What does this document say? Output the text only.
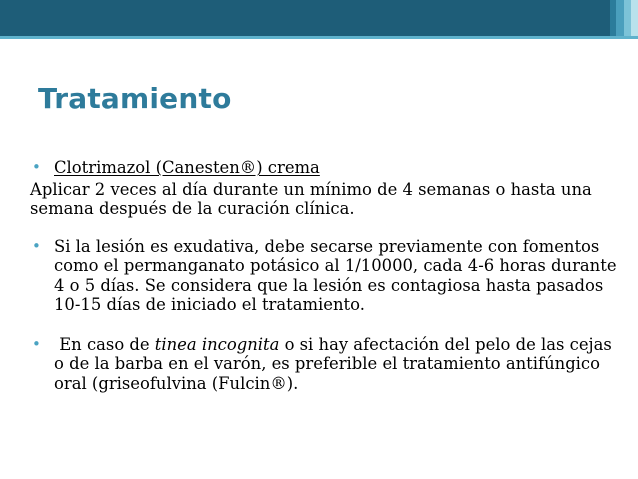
Tratamiento
• Clotrimazol (Canesten®) crema
Aplicar 2 veces al día durante un mínimo de 4 semanas o hasta una semana después de la curación clínica.
• Si la lesión es exudativa, debe secarse previamente con fomentos como el permanganato potásico al 1/10000, cada 4-6 horas durante 4 o 5 días. Se considera que la lesión es contagiosa hasta pasados 10-15 días de iniciado el tratamiento.
• En caso de tinea incognita o si hay afectación del pelo de las cejas o de la barba en el varón, es preferible el tratamiento antifúngico oral (griseofulvina (Fulcin®).
